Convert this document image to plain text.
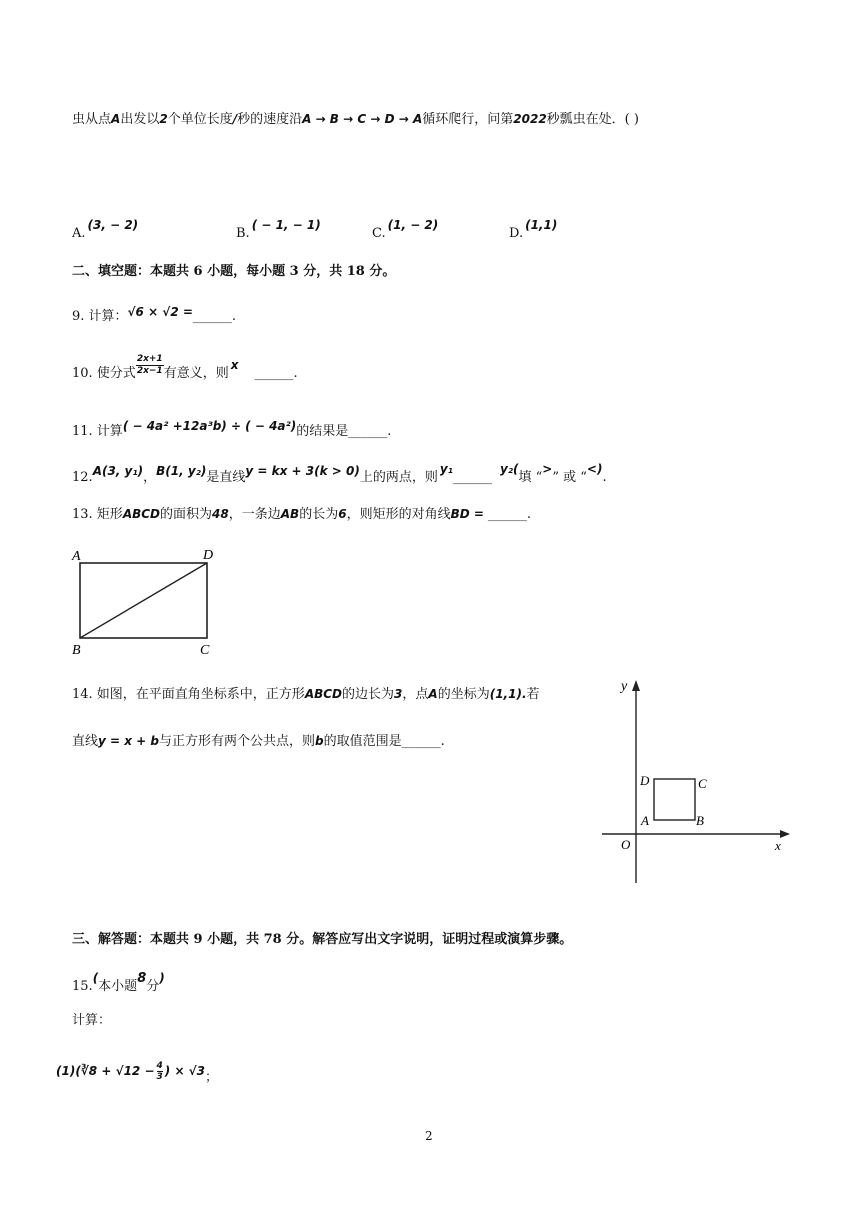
虫从点A出发以2个单位长度/秒的速度沿A → B → C → D → A循环爬行，问第2022秒瓢虫在处．( )
A.(3, − 2)
B.( − 1, − 1)
C.(1, − 2)
D.(1,1)
二、填空题：本题共 6 小题，每小题 3 分，共 18 分。
9. 计算：√6 × √2 =______.
10. 使分式 $\frac{2x+1}{2x-1}$ 有意义，则x______.
11. 计算( − 4a² +12a³b) ÷ ( − 4a²)的结果是______.
12.A(3, y₁)，B(1, y₂)是直线y = kx + 3(k > 0)上的两点，则y₁______y₂(填 “>” 或 “<).
13. 矩形ABCD的面积为48，一条边AB的长为6，则矩形的对角线BD = ______.
A	D
B	C
14. 如图，在平面直角坐标系中，正方形ABCD的边长为3，点A的坐标为(1,1).若
直线y = x + b与正方形有两个公共点，则b的取值范围是______.
y
x
O
A	B
C
D
三、解答题：本题共 9 小题，共 78 分。解答应写出文字说明，证明过程或演算步骤。
15.(本小题8分)
计算：
(1)(∛8 + $√12 - \frac{4}{3}$ ) × √3；
2
